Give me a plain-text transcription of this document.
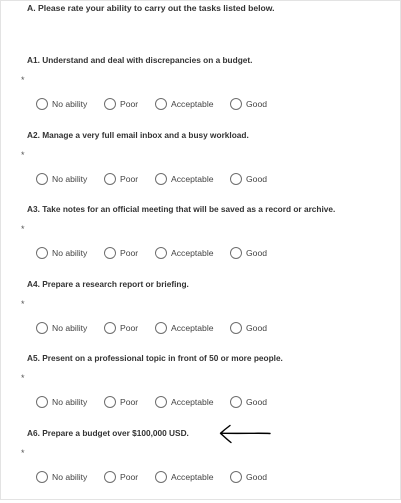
A. Please rate your ability to carry out the tasks listed below.
A1. Understand and deal with discrepancies on a budget.
*
No ability	Poor	Acceptable	Good
A2. Manage a very full email inbox and a busy workload.
*
No ability	Poor	Acceptable	Good
A3. Take notes for an official meeting that will be saved as a record or archive.
*
No ability	Poor	Acceptable	Good
A4. Prepare a research report or briefing.
*
No ability	Poor	Acceptable	Good
A5. Present on a professional topic in front of 50 or more people.
*
No ability	Poor	Acceptable	Good
A6. Prepare a budget over $100,000 USD.
*
No ability	Poor	Acceptable	Good
